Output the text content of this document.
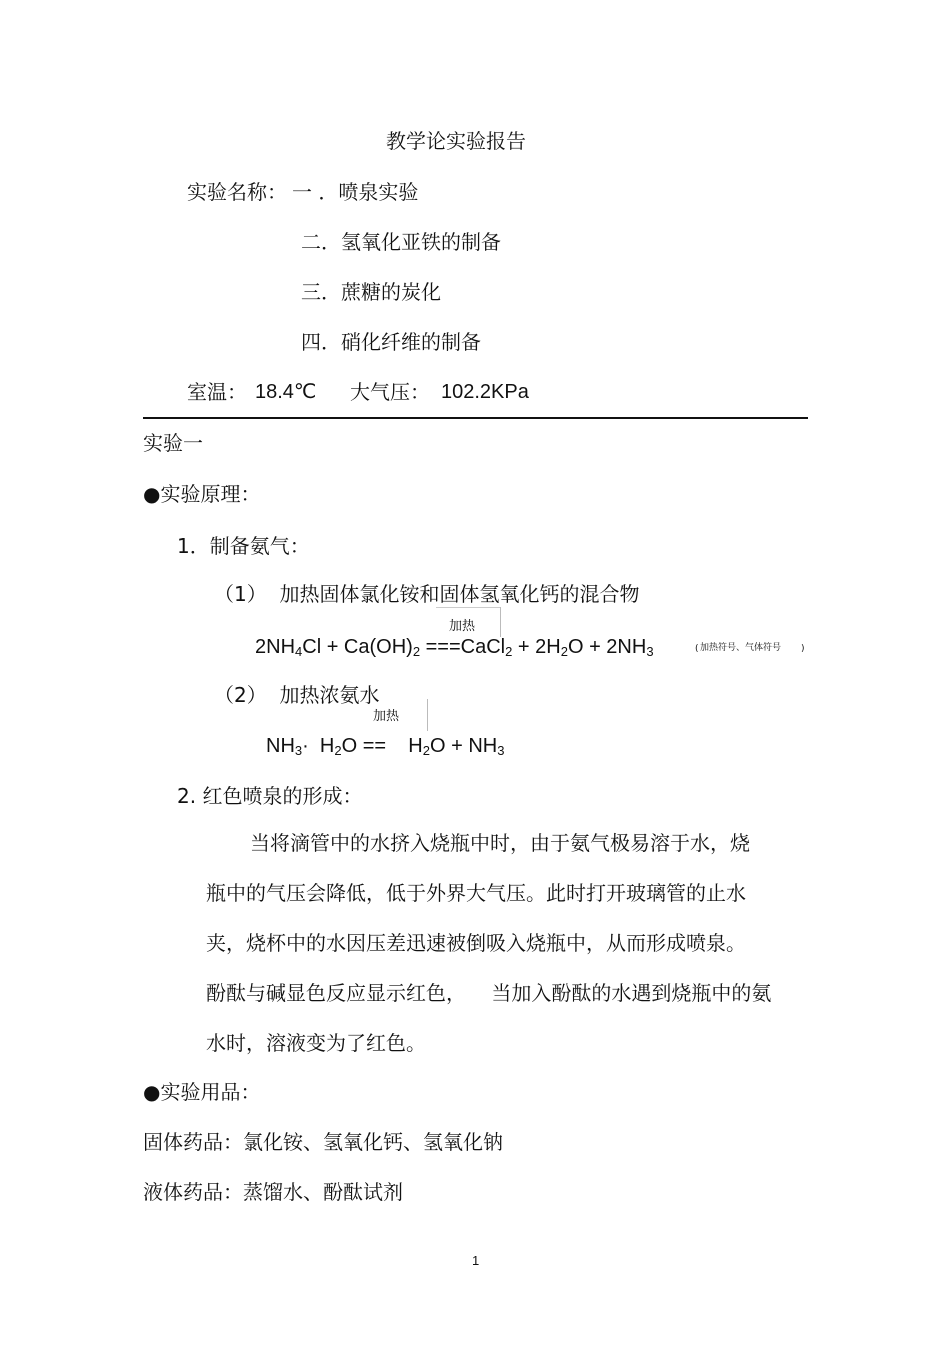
教学论实验报告
实验名称： 一 ．喷泉实验
二．氢氧化亚铁的制备
三．蔗糖的炭化
四．硝化纤维的制备
室温： 18.4℃ 大气压： 102.2KPa
实验一
●实验原理：
1．制备氨气：
（1）  加热固体氯化铵和固体氢氧化钙的混合物
加热
$2NH_4Cl + Ca(OH)_2$ ===CaCl$_2$ + $2H_2O + 2NH_3$	( 加热符号、气体符号 )
（2）  加热浓氨水
加热
$NH_3\cdot H_2O$ ==    $H_2O + NH_3$
2. 红色喷泉的形成：
当将滴管中的水挤入烧瓶中时，由于氨气极易溶于水，烧
瓶中的气压会降低，低于外界大气压。此时打开玻璃管的止水
夹，烧杯中的水因压差迅速被倒吸入烧瓶中，从而形成喷泉。
酚酞与碱显色反应显示红色，    当加入酚酞的水遇到烧瓶中的氨
水时，溶液变为了红色。
●实验用品：
固体药品：氯化铵、氢氧化钙、氢氧化钠
液体药品：蒸馏水、酚酞试剂
1
